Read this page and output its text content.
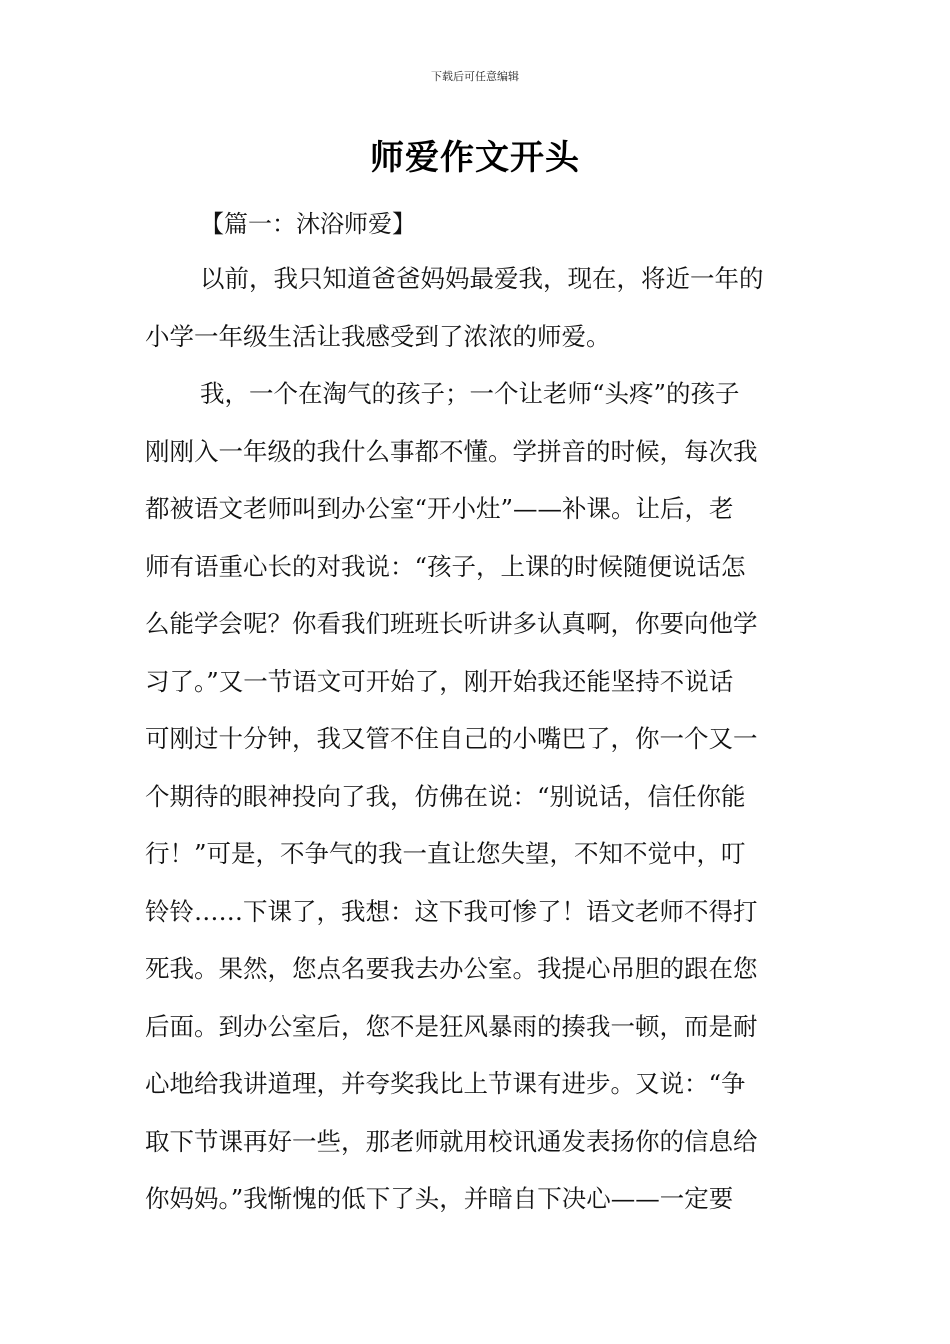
下载后可任意编辑
师爱作文开头
【篇一：沐浴师爱】
以前，我只知道爸爸妈妈最爱我，现在，将近一年的
小学一年级生活让我感受到了浓浓的师爱。
我，一个在淘气的孩子；一个让老师“头疼”的孩子
刚刚入一年级的我什么事都不懂。学拼音的时候，每次我
都被语文老师叫到办公室“开小灶”——补课。让后，老
师有语重心长的对我说：“孩子，上课的时候随便说话怎
么能学会呢？你看我们班班长听讲多认真啊，你要向他学
习了。”又一节语文可开始了，刚开始我还能坚持不说话
可刚过十分钟，我又管不住自己的小嘴巴了，你一个又一
个期待的眼神投向了我，仿佛在说：“别说话，信任你能
行！”可是，不争气的我一直让您失望，不知不觉中，叮
铃铃……下课了，我想：这下我可惨了！语文老师不得打
死我。果然，您点名要我去办公室。我提心吊胆的跟在您
后面。到办公室后，您不是狂风暴雨的揍我一顿，而是耐
心地给我讲道理，并夸奖我比上节课有进步。又说：“争
取下节课再好一些，那老师就用校讯通发表扬你的信息给
你妈妈。”我惭愧的低下了头，并暗自下决心——一定要
